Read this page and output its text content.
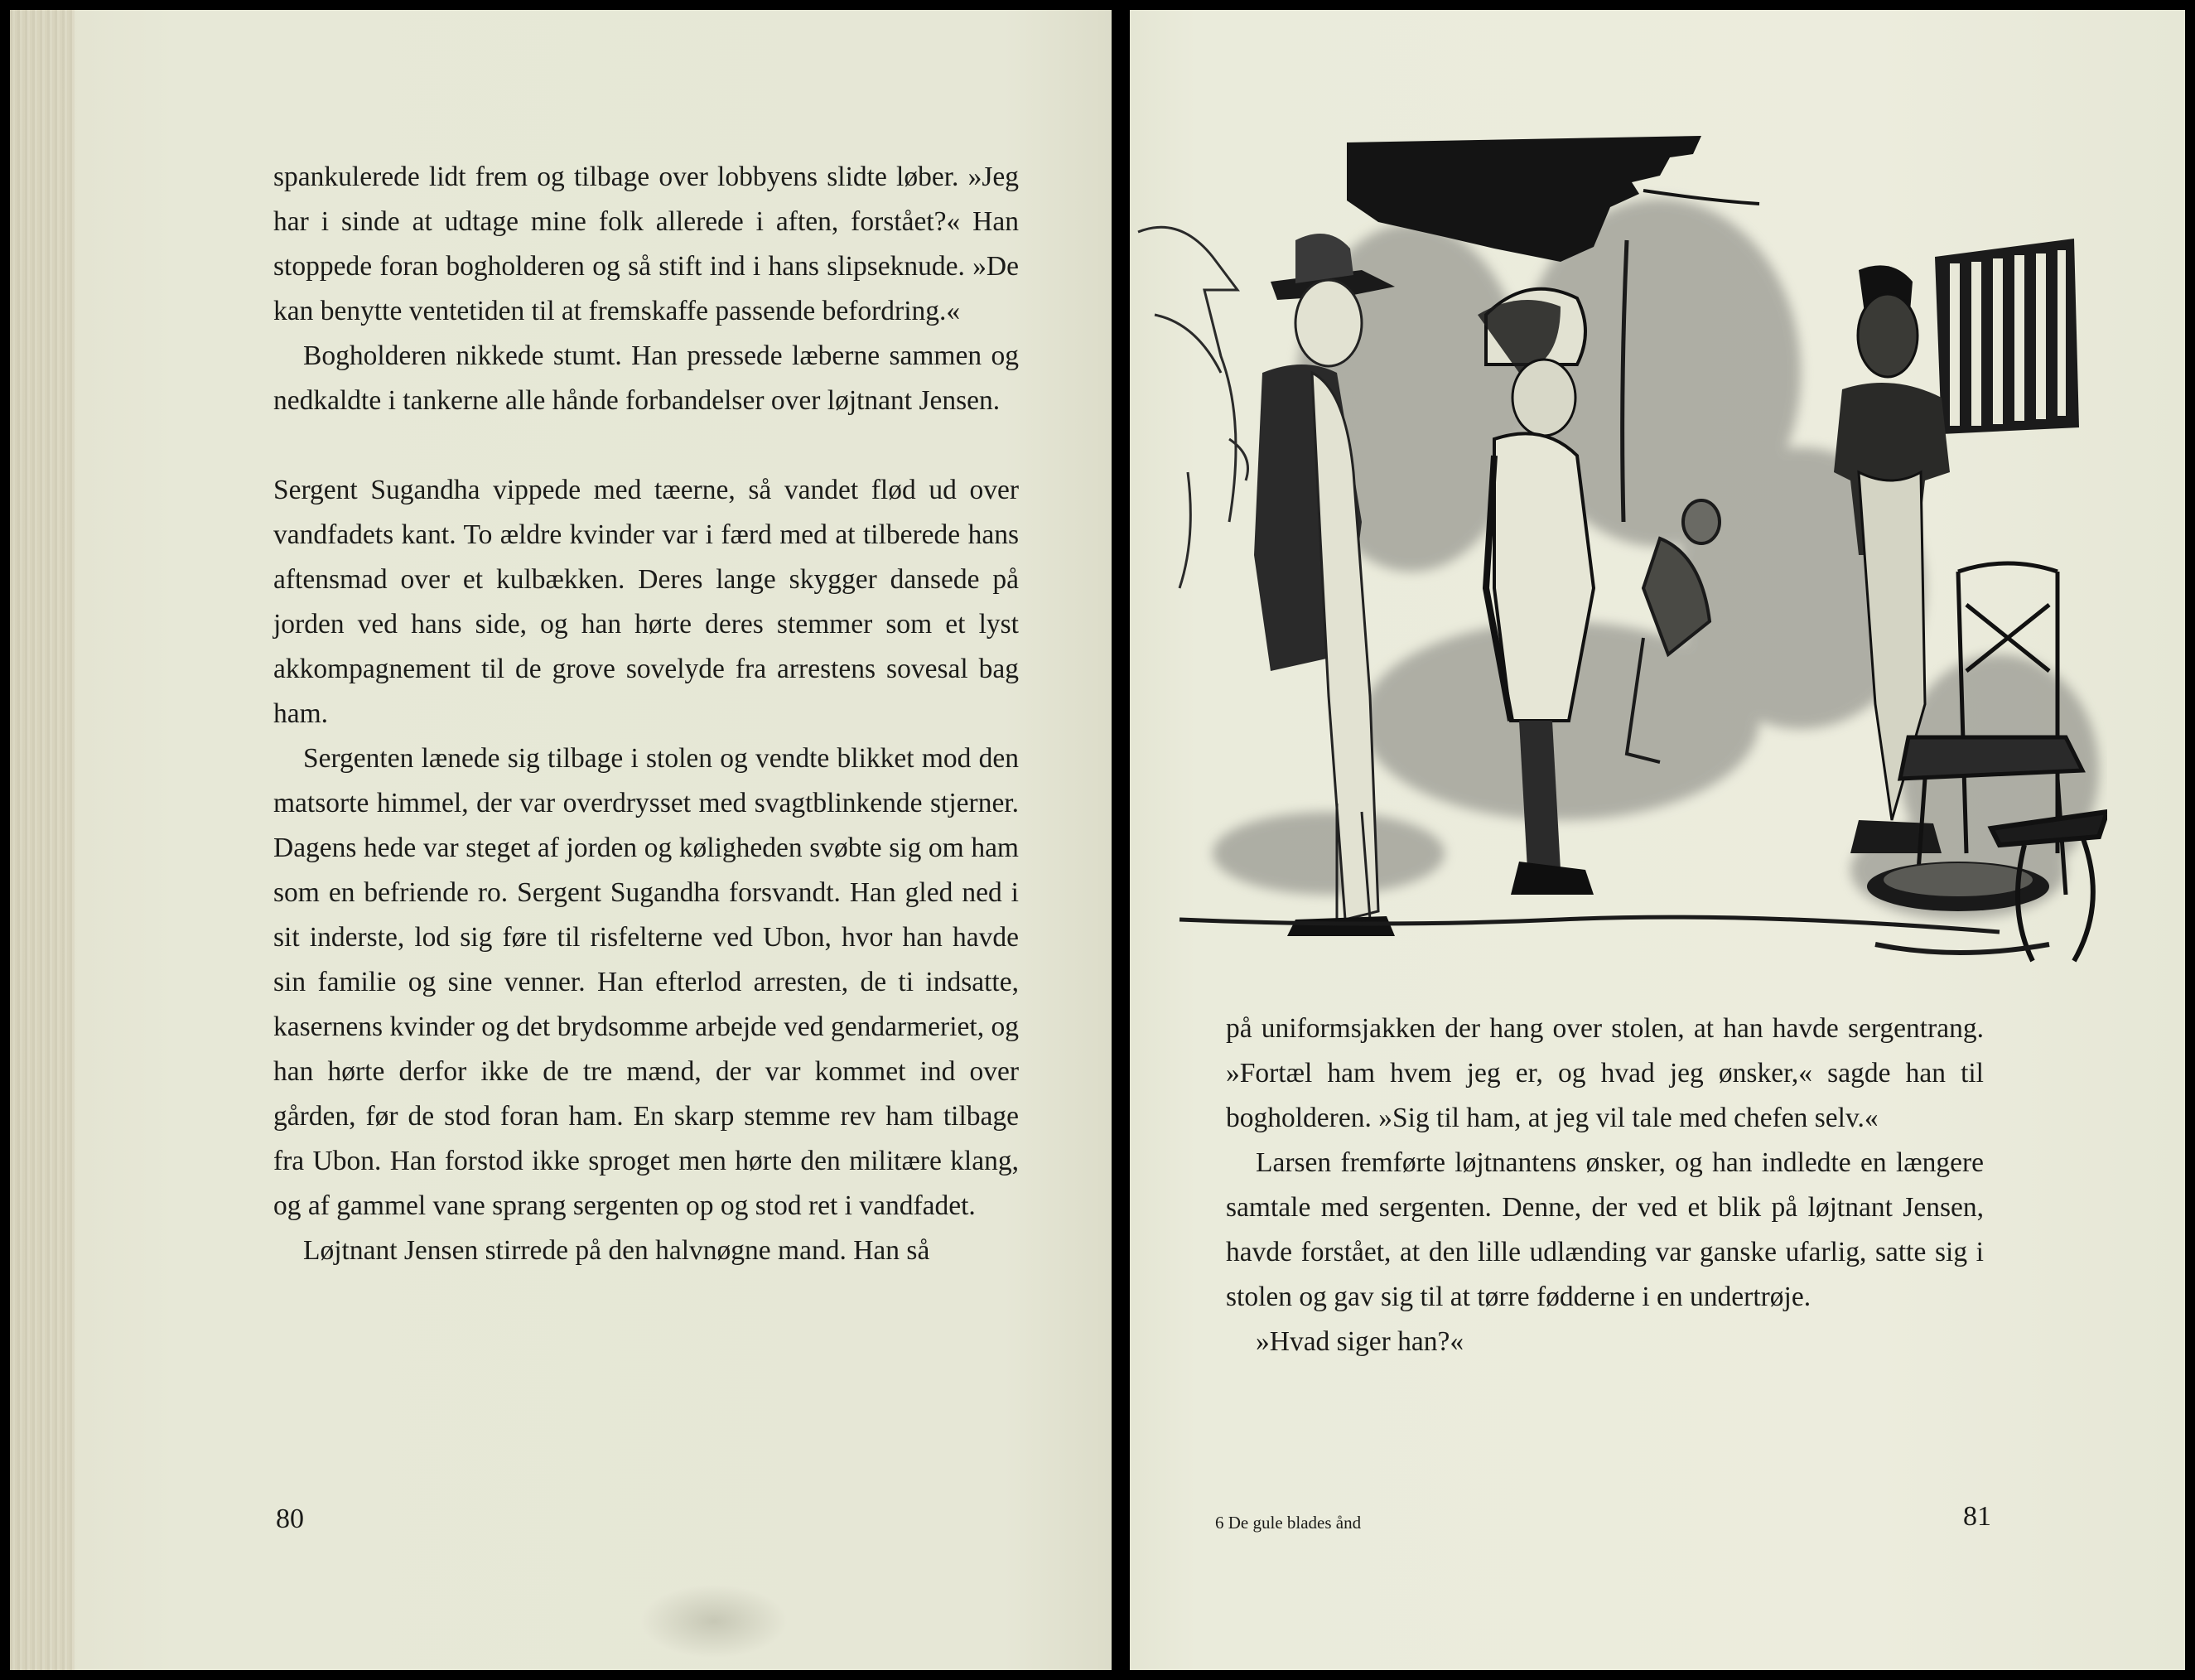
spankulerede lidt frem og tilbage over lobbyens slidte løber. »Jeg har i sinde at udtage mine folk allerede i aften, forstået?« Han stoppede foran bogholderen og så stift ind i hans slipseknude. »De kan benytte ventetiden til at fremskaffe passende befordring.«

Bogholderen nikkede stumt. Han pressede læberne sammen og nedkaldte i tankerne alle hånde forbandelser over løjtnant Jensen.

Sergent Sugandha vippede med tæerne, så vandet flød ud over vandfadets kant. To ældre kvinder var i færd med at tilberede hans aftensmad over et kulbækken. Deres lange skygger dansede på jorden ved hans side, og han hørte deres stemmer som et lyst akkompagnement til de grove sovelyde fra arrestens sovesal bag ham.

Sergenten lænede sig tilbage i stolen og vendte blikket mod den matsorte himmel, der var overdrysset med svagtblinkende stjerner. Dagens hede var steget af jorden og køligheden svøbte sig om ham som en befriende ro. Sergent Sugandha forsvandt. Han gled ned i sit inderste, lod sig føre til risfelterne ved Ubon, hvor han havde sin familie og sine venner. Han efterlod arresten, de ti indsatte, kasernens kvinder og det brydsomme arbejde ved gendarmeriet, og han hørte derfor ikke de tre mænd, der var kommet ind over gården, før de stod foran ham. En skarp stemme rev ham tilbage fra Ubon. Han forstod ikke sproget men hørte den militære klang, og af gammel vane sprang sergenten op og stod ret i vandfadet.

Løjtnant Jensen stirrede på den halvnøgne mand. Han så

80

på uniformsjakken der hang over stolen, at han havde sergentrang. »Fortæl ham hvem jeg er, og hvad jeg ønsker,« sagde han til bogholderen. »Sig til ham, at jeg vil tale med chefen selv.«

Larsen fremførte løjtnantens ønsker, og han indledte en længere samtale med sergenten. Denne, der ved et blik på løjtnant Jensen, havde forstået, at den lille udlænding var ganske ufarlig, satte sig i stolen og gav sig til at tørre fødderne i en undertrøje.

»Hvad siger han?«

6 De gule blades ånd	81
